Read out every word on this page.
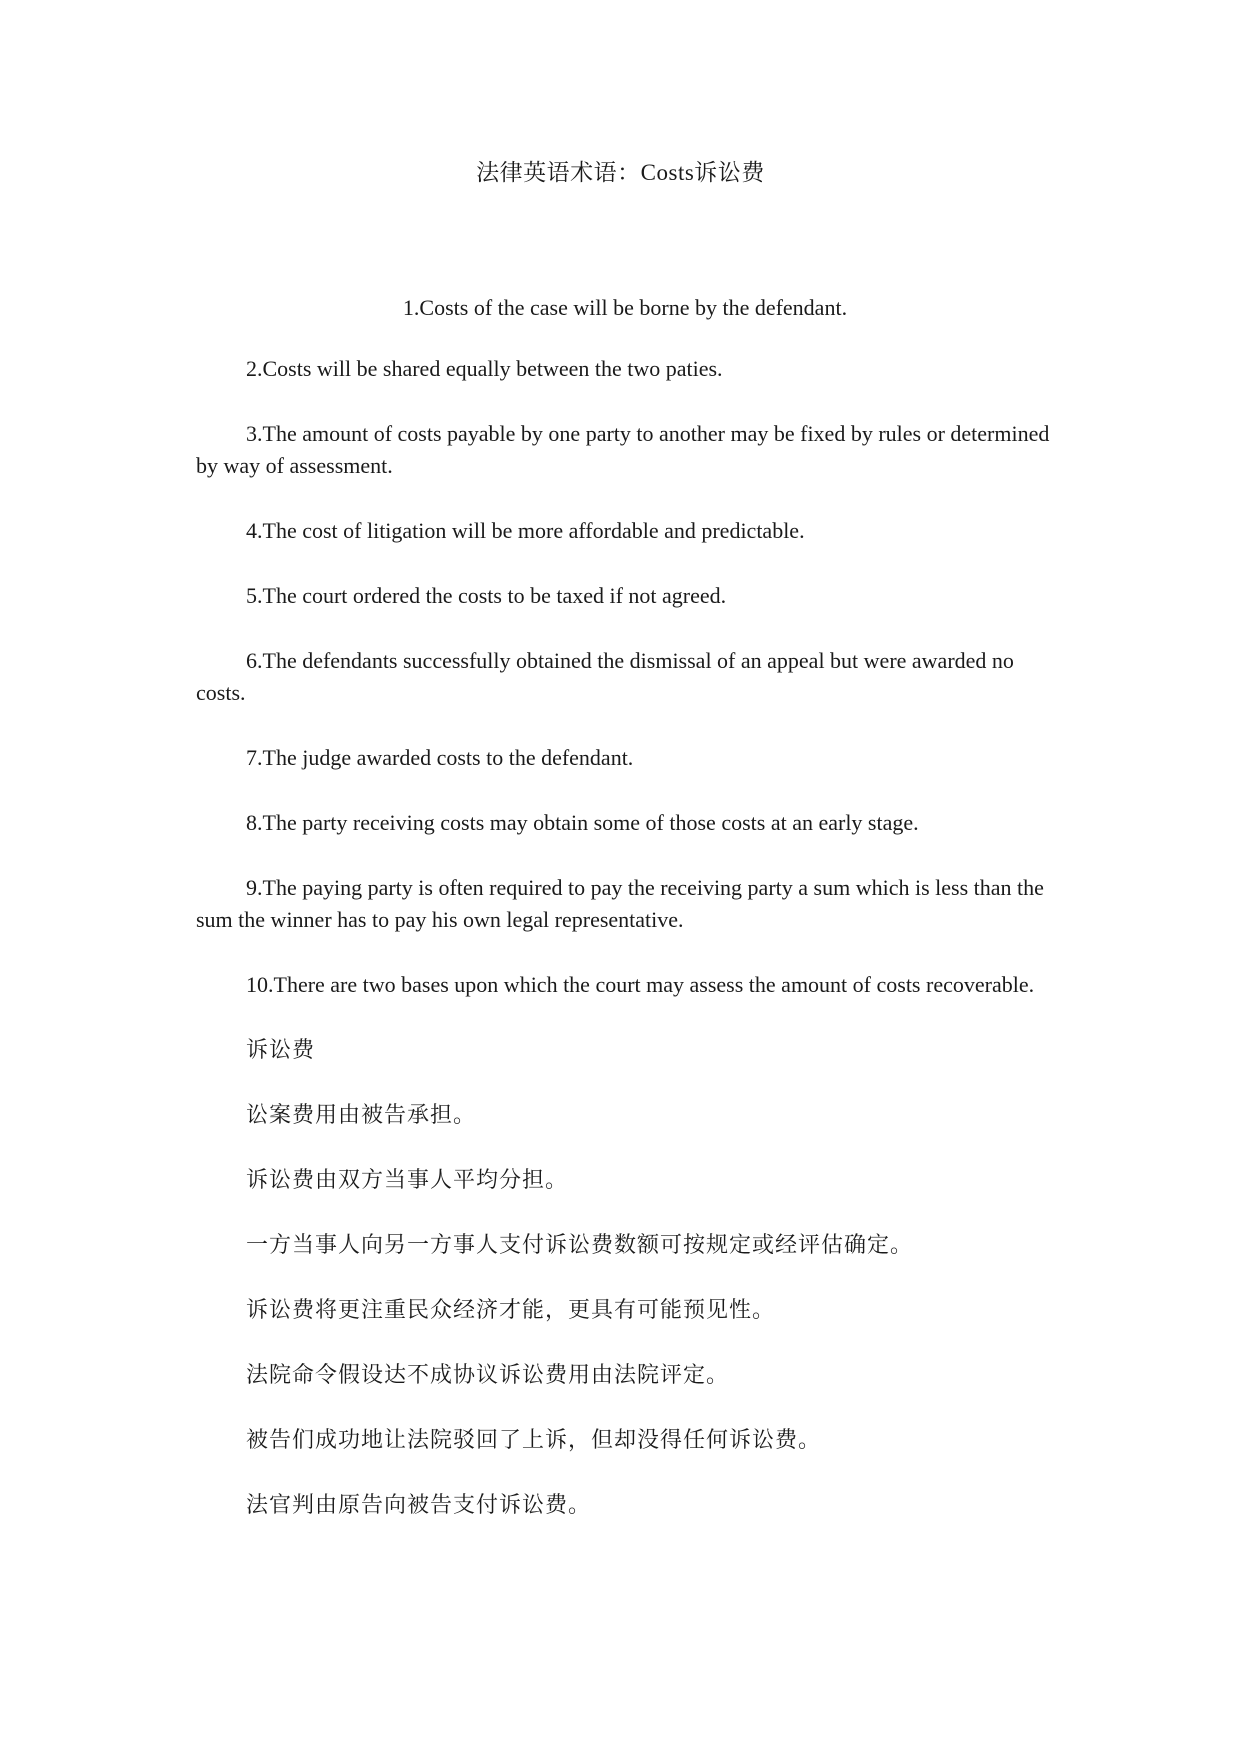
法律英语术语：Costs诉讼费

1.Costs of the case will be borne by the defendant.

2.Costs will be shared equally between the two paties.

3.The amount of costs payable by one party to another may be fixed by rules or determined by way of assessment.

4.The cost of litigation will be more affordable and predictable.

5.The court ordered the costs to be taxed if not agreed.

6.The defendants successfully obtained the dismissal of an appeal but were awarded no costs.

7.The judge awarded costs to the defendant.

8.The party receiving costs may obtain some of those costs at an early stage.

9.The paying party is often required to pay the receiving party a sum which is less than the sum the winner has to pay his own legal representative.

10.There are two bases upon which the court may assess the amount of costs recoverable.

诉讼费

讼案费用由被告承担。

诉讼费由双方当事人平均分担。

一方当事人向另一方事人支付诉讼费数额可按规定或经评估确定。

诉讼费将更注重民众经济才能，更具有可能预见性。

法院命令假设达不成协议诉讼费用由法院评定。

被告们成功地让法院驳回了上诉，但却没得任何诉讼费。

法官判由原告向被告支付诉讼费。
